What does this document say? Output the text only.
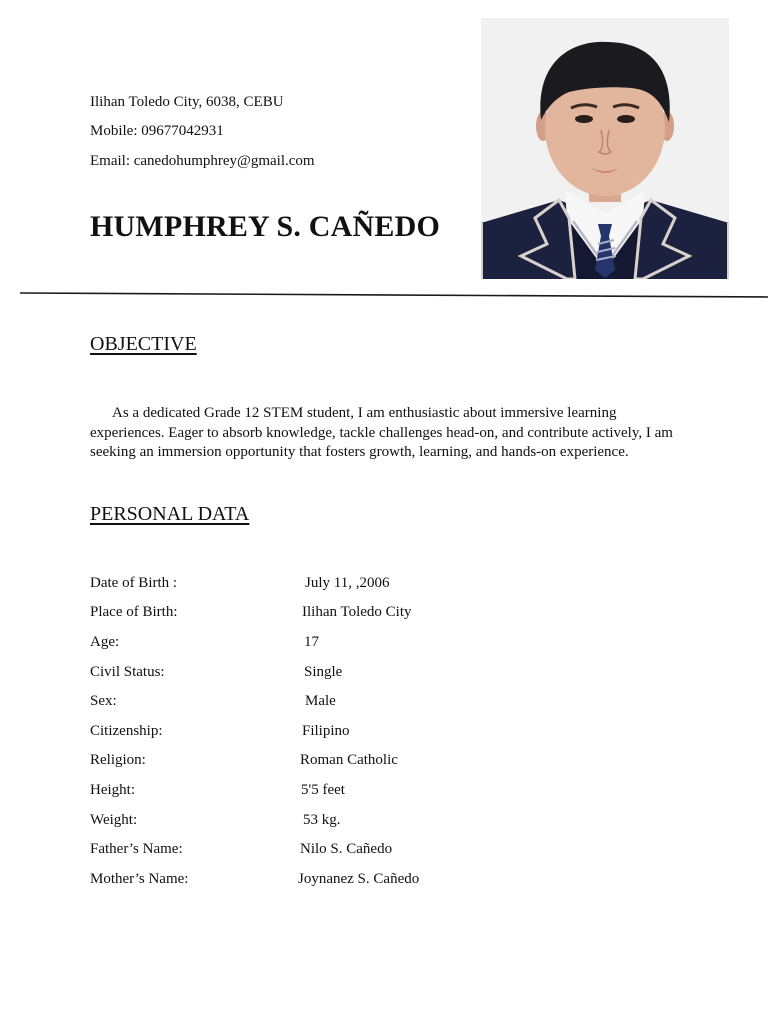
Ilihan Toledo City, 6038, CEBU
Mobile: 09677042931
Email: canedohumphrey@gmail.com
HUMPHREY S. CAÑEDO
OBJECTIVE
As a dedicated Grade 12 STEM student, I am enthusiastic about immersive learning experiences. Eager to absorb knowledge, tackle challenges head-on, and contribute actively, I am seeking an immersion opportunity that fosters growth, learning, and hands-on experience.
PERSONAL DATA
Date of Birth :	July 11, ,2006
Place of Birth:	Ilihan Toledo City
Age:	17
Civil Status:	Single
Sex:	Male
Citizenship:	Filipino
Religion:	Roman Catholic
Height:	5'5 feet
Weight:	53 kg.
Father’s Name:	Nilo S. Cañedo
Mother’s Name:	Joynanez S. Cañedo
